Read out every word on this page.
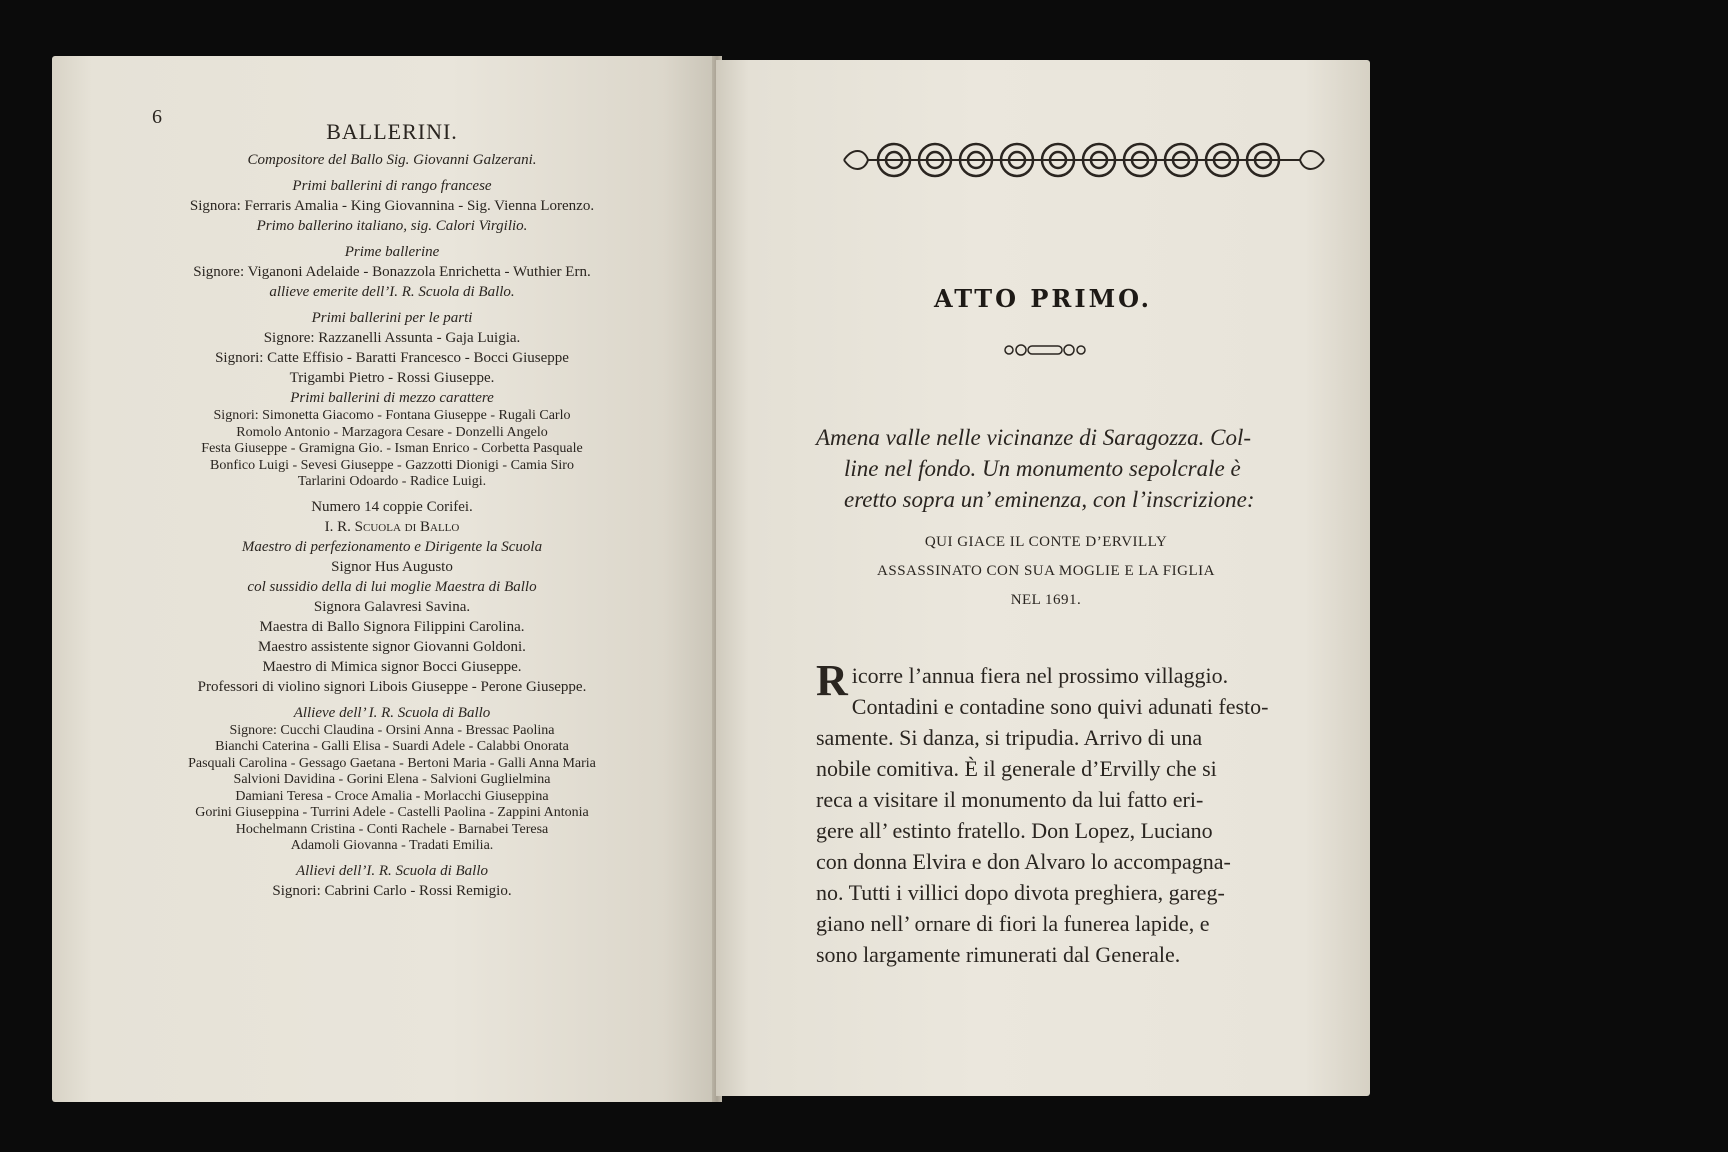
6
BALLERINI.
Compositore del Ballo Sig. Giovanni Galzerani.
Primi ballerini di rango francese
Signora: Ferraris Amalia - King Giovannina - Sig. Vienna Lorenzo.
Primo ballerino italiano, sig. Calori Virgilio.
Prime ballerine
Signore: Viganoni Adelaide - Bonazzola Enrichetta - Wuthier Ern.
allieve emerite dell’I. R. Scuola di Ballo.
Primi ballerini per le parti
Signore: Razzanelli Assunta - Gaja Luigia.
Signori: Catte Effisio - Baratti Francesco - Bocci Giuseppe
Trigambi Pietro - Rossi Giuseppe.
Primi ballerini di mezzo carattere
Signori: Simonetta Giacomo - Fontana Giuseppe - Rugali Carlo
Romolo Antonio - Marzagora Cesare - Donzelli Angelo
Festa Giuseppe - Gramigna Gio. - Isman Enrico - Corbetta Pasquale
Bonfico Luigi - Sevesi Giuseppe - Gazzotti Dionigi - Camia Siro
Tarlarini Odoardo - Radice Luigi.
Numero 14 coppie Corifei.
I. R. Scuola di Ballo
Maestro di perfezionamento e Dirigente la Scuola
Signor Hus Augusto
col sussidio della di lui moglie Maestra di Ballo
Signora Galavresi Savina.
Maestra di Ballo Signora Filippini Carolina.
Maestro assistente signor Giovanni Goldoni.
Maestro di Mimica signor Bocci Giuseppe.
Professori di violino signori Libois Giuseppe - Perone Giuseppe.
Allieve dell’ I. R. Scuola di Ballo
Signore: Cucchi Claudina - Orsini Anna - Bressac Paolina
Bianchi Caterina - Galli Elisa - Suardi Adele - Calabbi Onorata
Pasquali Carolina - Gessago Gaetana - Bertoni Maria - Galli Anna Maria
Salvioni Davidina - Gorini Elena - Salvioni Guglielmina
Damiani Teresa - Croce Amalia - Morlacchi Giuseppina
Gorini Giuseppina - Turrini Adele - Castelli Paolina - Zappini Antonia
Hochelmann Cristina - Conti Rachele - Barnabei Teresa
Adamoli Giovanna - Tradati Emilia.
Allievi dell’I. R. Scuola di Ballo
Signori: Cabrini Carlo - Rossi Remigio.
ATTO PRIMO.
Amena valle nelle vicinanze di Saragozza. Col-
line nel fondo. Un monumento sepolcrale è
eretto sopra un’ eminenza, con l’inscrizione:
QUI GIACE IL CONTE D’ERVILLY
ASSASSINATO CON SUA MOGLIE E LA FIGLIA
NEL 1691.
R icorre l’annua fiera nel prossimo villaggio.
Contadini e contadine sono quivi adunati festo-
samente. Si danza, si tripudia. Arrivo di una
nobile comitiva. È il generale d’Ervilly che si
reca a visitare il monumento da lui fatto eri-
gere all’ estinto fratello. Don Lopez, Luciano
con donna Elvira e don Alvaro lo accompagna-
no. Tutti i villici dopo divota preghiera, gareg-
giano nell’ ornare di fiori la funerea lapide, e
sono largamente rimunerati dal Generale.
